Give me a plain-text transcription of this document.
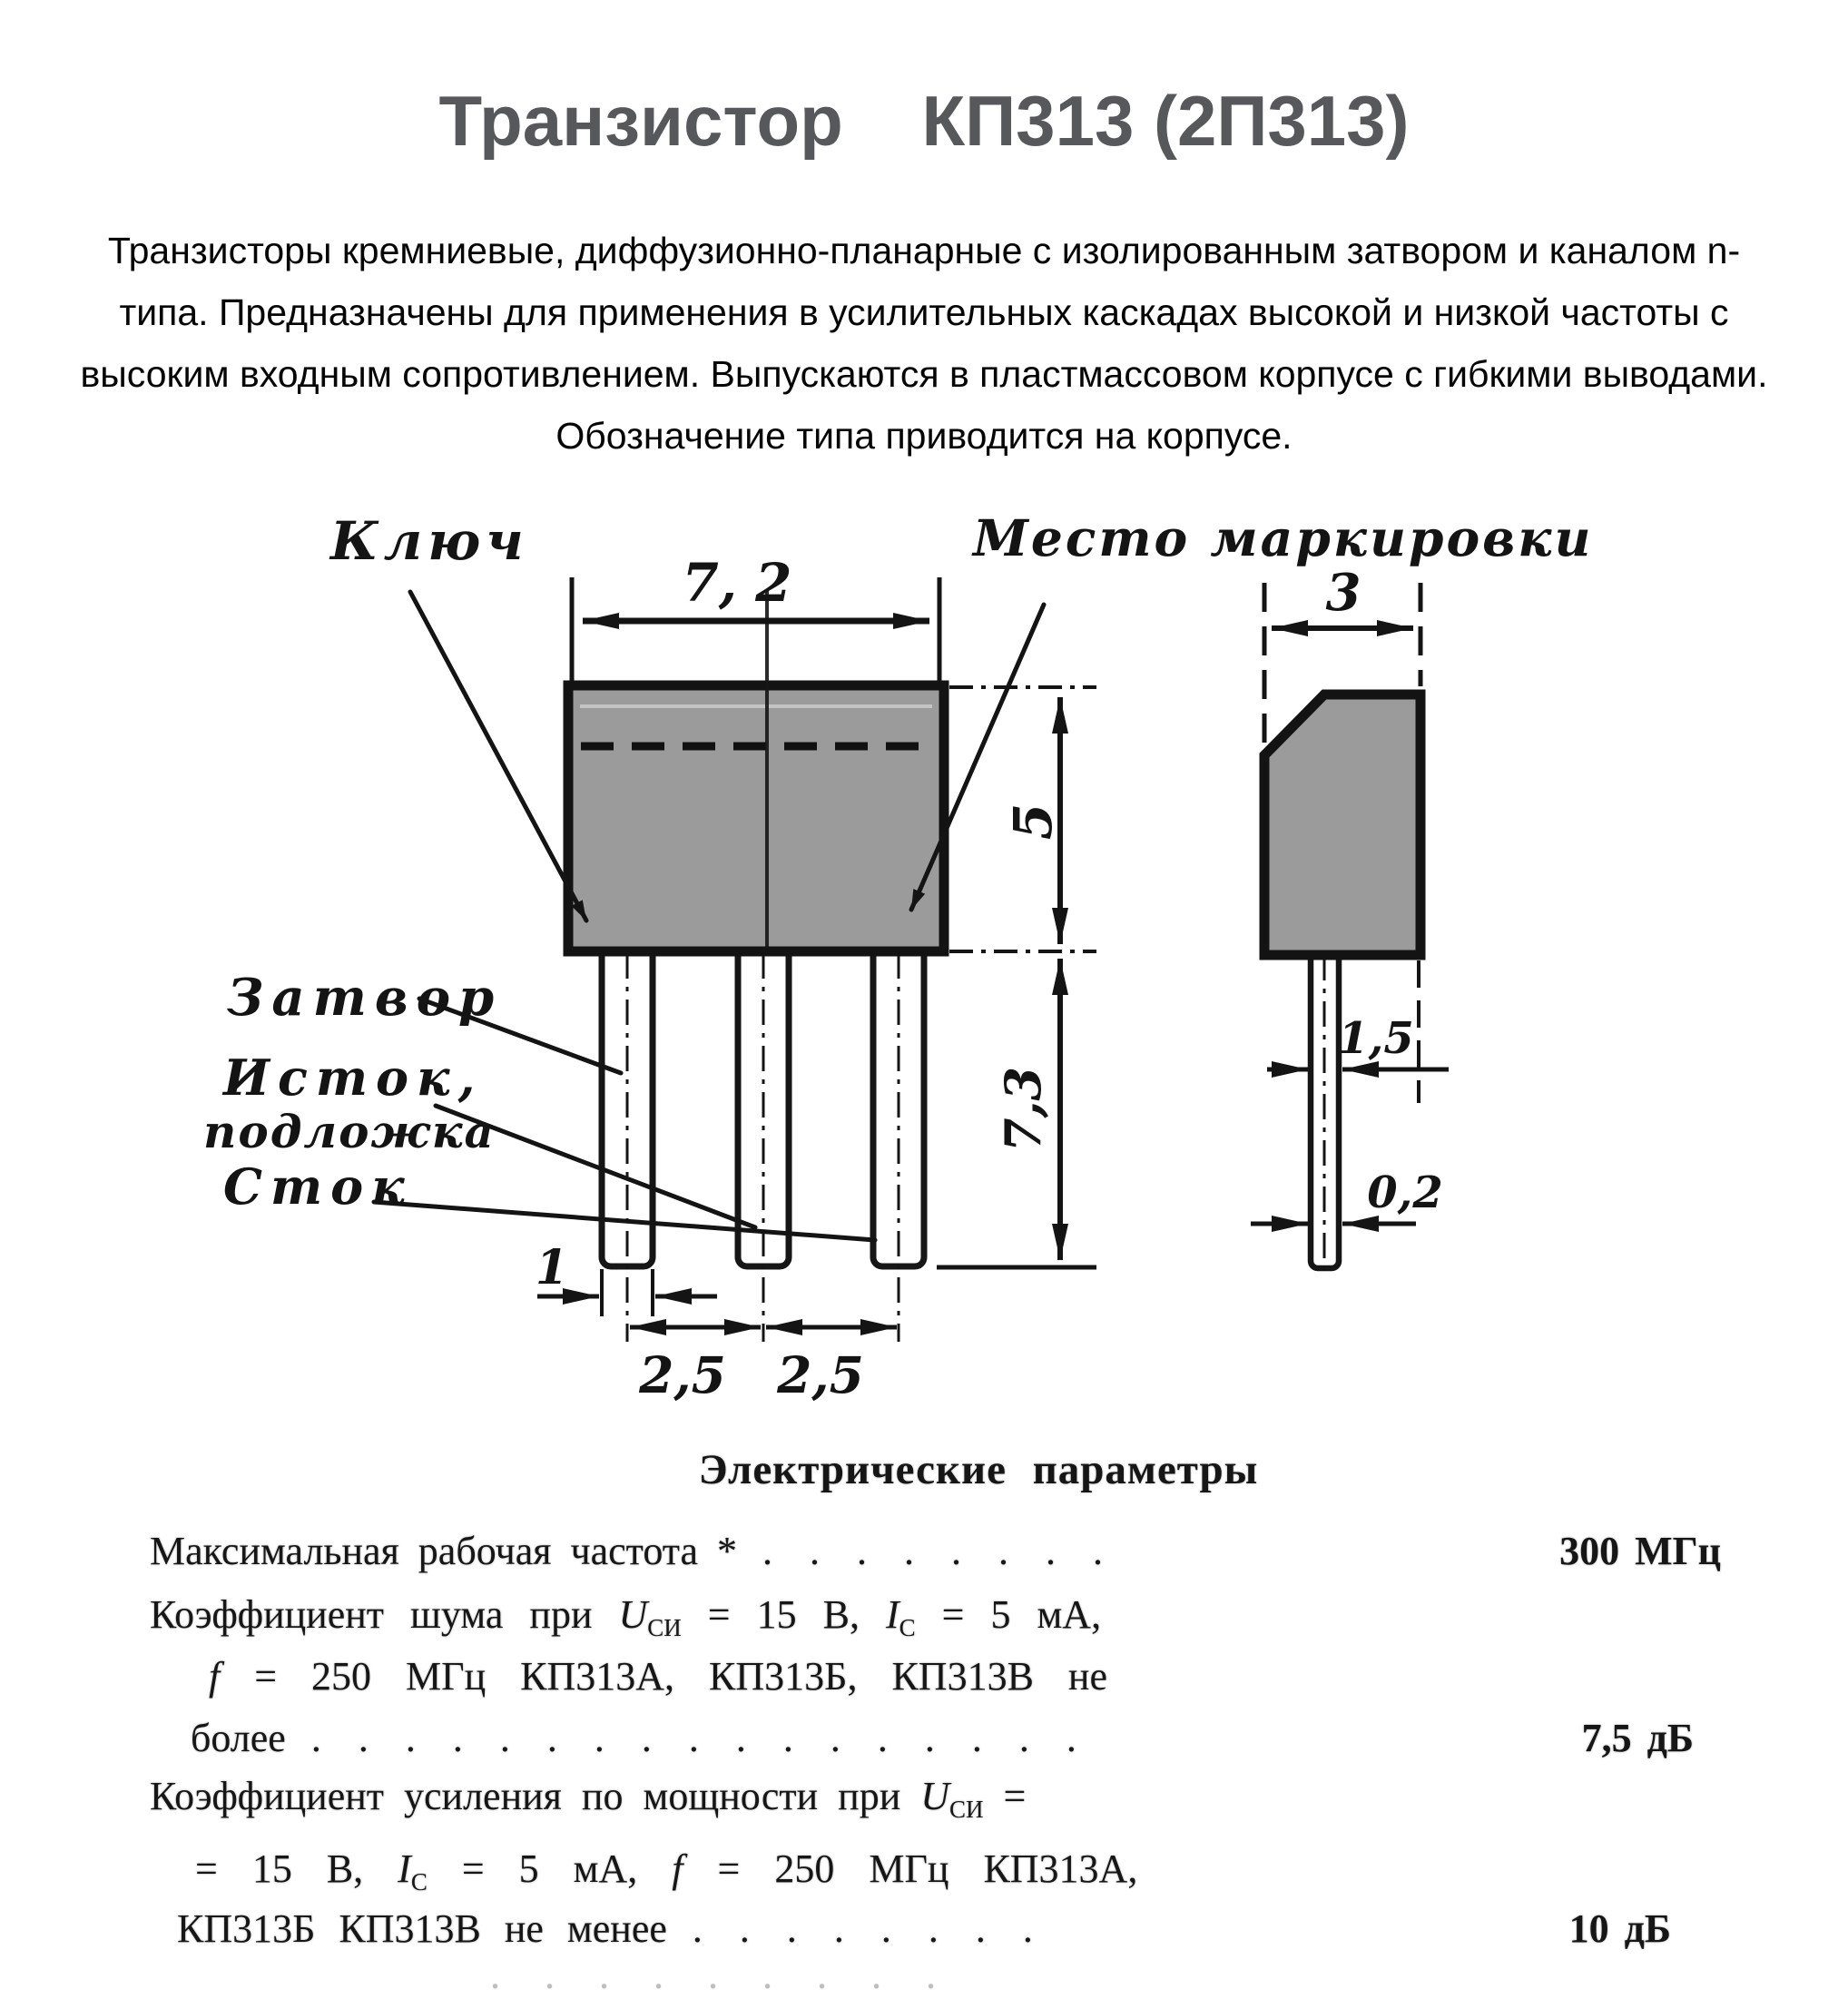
Транзистор    КП313 (2П313)
Транзисторы кремниевые, диффузионно-планарные с изолированным затвором и каналом n-
типа. Предназначены для применения в усилительных каскадах высокой и низкой частоты с
высоким входным сопротивлением. Выпускаются в пластмассовом корпусе с гибкими выводами.
Обозначение типа приводится на корпусе.
7, 2
5
7,3
1
2,5 2,5
3
1,5
0,2
Ключ	Место маркировки
Затвор
Исток,
подложка
Сток
Электрические параметры
Максимальная рабочая частота * . . . . . . . .	300 МГц
Коэффициент шума при $U_{СИ} = 15$ В, $I_С = 5$ мА,
f = 250 МГц КП313А, КП313Б, КП313В не
более . . . . . . . . . . . . . . . . .	7,5 дБ
Коэффициент усиления по мощности при $U_{СИ}$ =
= 15 В, $I_С = 5$ мА, f = 250 МГц КП313А,
КП313Б КП313В не менее . . . . . . . .	10 дБ
. . . . . . . . .
